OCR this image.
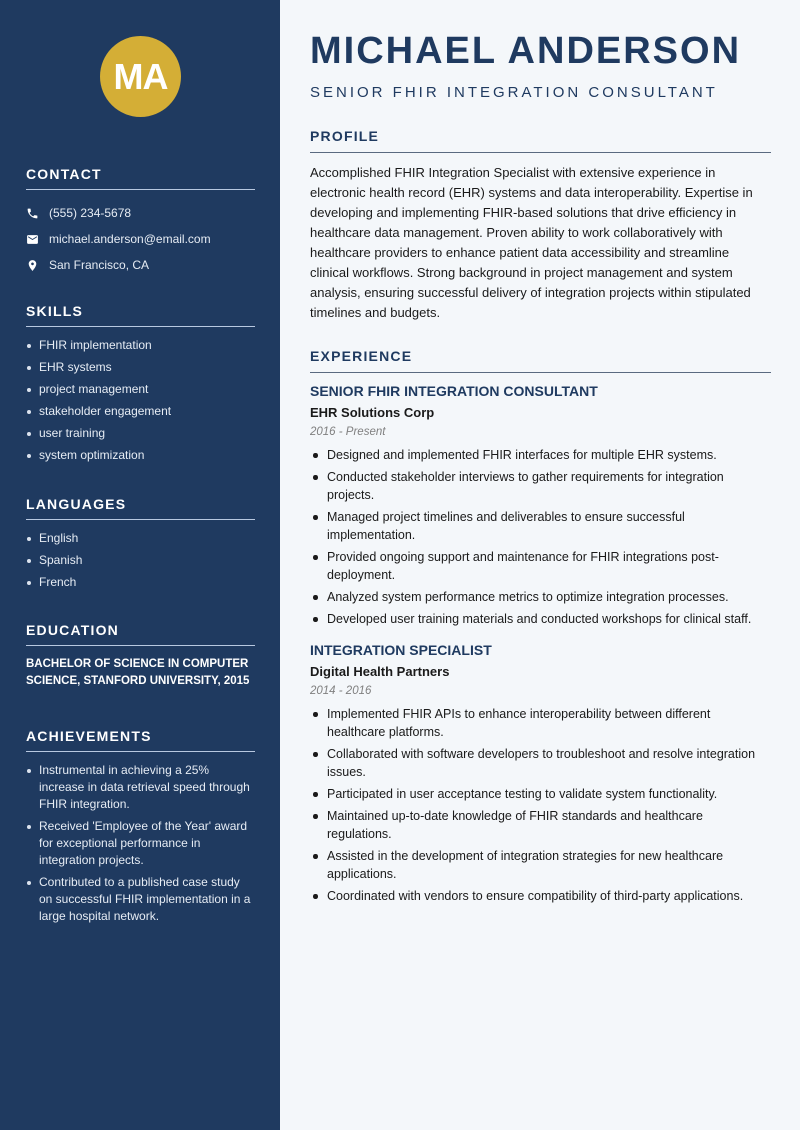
MA
CONTACT
(555) 234-5678
michael.anderson@email.com
San Francisco, CA
SKILLS
FHIR implementation
EHR systems
project management
stakeholder engagement
user training
system optimization
LANGUAGES
English
Spanish
French
EDUCATION

BACHELOR OF SCIENCE IN COMPUTER SCIENCE, STANFORD UNIVERSITY, 2015

ACHIEVEMENTS
Instrumental in achieving a 25% increase in data retrieval speed through FHIR integration.
Received 'Employee of the Year' award for exceptional performance in integration projects.
Contributed to a published case study on successful FHIR implementation in a large hospital network.
MICHAEL ANDERSON
SENIOR FHIR INTEGRATION CONSULTANT
PROFILE

Accomplished FHIR Integration Specialist with extensive experience in electronic health record (EHR) systems and data interoperability. Expertise in developing and implementing FHIR-based solutions that drive efficiency in healthcare data management. Proven ability to work collaboratively with healthcare providers to enhance patient data accessibility and streamline clinical workflows. Strong background in project management and system analysis, ensuring successful delivery of integration projects within stipulated timelines and budgets.

EXPERIENCE
SENIOR FHIR INTEGRATION CONSULTANT
EHR Solutions Corp
2016 - Present
Designed and implemented FHIR interfaces for multiple EHR systems.
Conducted stakeholder interviews to gather requirements for integration projects.
Managed project timelines and deliverables to ensure successful implementation.
Provided ongoing support and maintenance for FHIR integrations post-deployment.
Analyzed system performance metrics to optimize integration processes.
Developed user training materials and conducted workshops for clinical staff.
INTEGRATION SPECIALIST
Digital Health Partners
2014 - 2016
Implemented FHIR APIs to enhance interoperability between different healthcare platforms.
Collaborated with software developers to troubleshoot and resolve integration issues.
Participated in user acceptance testing to validate system functionality.
Maintained up-to-date knowledge of FHIR standards and healthcare regulations.
Assisted in the development of integration strategies for new healthcare applications.
Coordinated with vendors to ensure compatibility of third-party applications.
